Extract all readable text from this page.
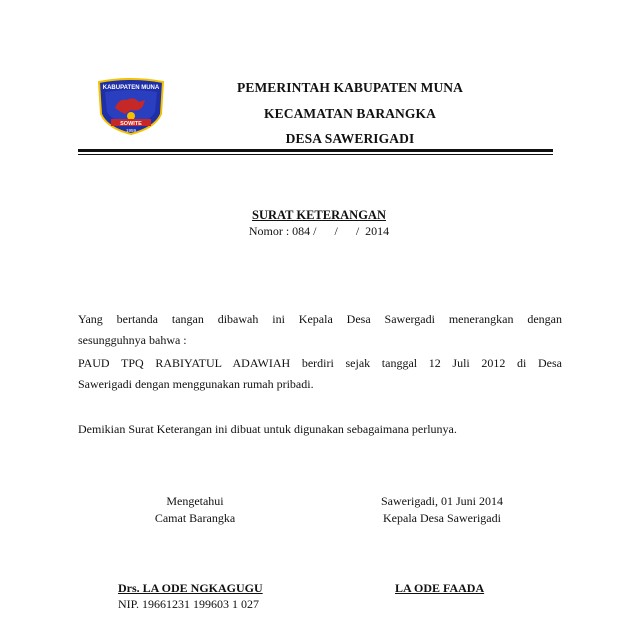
KABUPATEN MUNA
SOWITE
1959
PEMERINTAH KABUPATEN MUNA
KECAMATAN BARANGKA
DESA SAWERIGADI
SURAT KETERANGAN
Nomor : 084 /      /      /  2014
Yang bertanda tangan dibawah ini Kepala Desa Sawergadi menerangkan dengan
sesungguhnya bahwa :
PAUD TPQ RABIYATUL ADAWIAH berdiri sejak tanggal 12 Juli 2012 di Desa
Sawerigadi dengan menggunakan rumah pribadi.
Demikian Surat Keterangan ini dibuat untuk digunakan sebagaimana perlunya.
Mengetahui
Camat Barangka
Sawerigadi, 01 Juni 2014
Kepala Desa Sawerigadi
Drs. LA ODE NGKAGUGU
NIP. 19661231 199603 1 027
LA ODE FAADA
